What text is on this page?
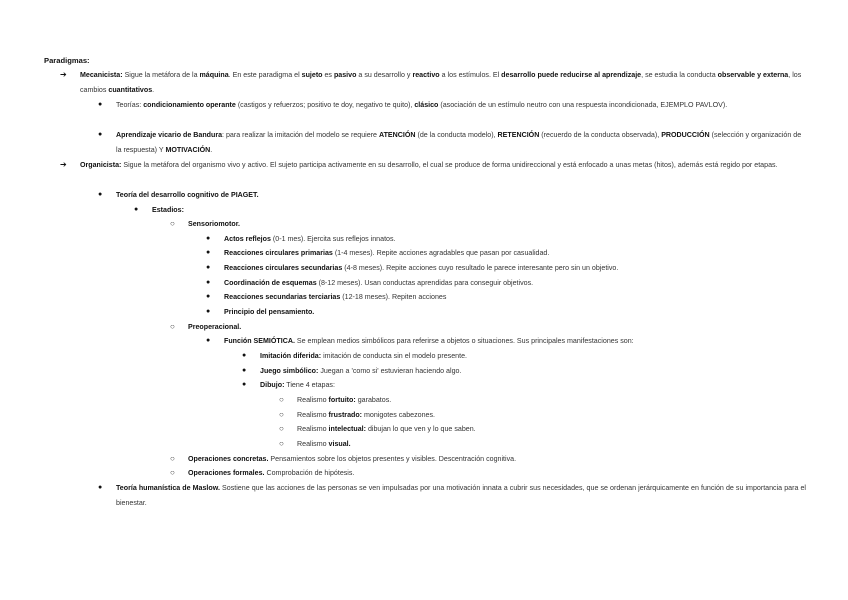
Paradigmas:
➔ Mecanicista: Sigue la metáfora de la máquina. En este paradigma el sujeto es pasivo a su desarrollo y reactivo a los estímulos. El desarrollo puede reducirse al aprendizaje, se estudia la conducta observable y externa, los cambios cuantitativos.
● Teorías: condicionamiento operante (castigos y refuerzos; positivo te doy, negativo te quito), clásico (asociación de un estímulo neutro con una respuesta incondicionada, EJEMPLO PAVLOV).
● Aprendizaje vicario de Bandura: para realizar la imitación del modelo se requiere ATENCIÓN (de la conducta modelo), RETENCIÓN (recuerdo de la conducta observada), PRODUCCIÓN (selección y organización de la respuesta) Y MOTIVACIÓN.
➔ Organicista: Sigue la metáfora del organismo vivo y activo. El sujeto participa activamente en su desarrollo, el cual se produce de forma unidireccional y está enfocado a unas metas (hitos), además está regido por etapas.
● Teoría del desarrollo cognitivo de PIAGET.
● Estadios:
○ Sensoriomotor.
● Actos reflejos (0-1 mes). Ejercita sus reflejos innatos.
● Reacciones circulares primarias (1-4 meses). Repite acciones agradables que pasan por casualidad.
● Reacciones circulares secundarias (4-8 meses). Repite acciones cuyo resultado le parece interesante pero sin un objetivo.
● Coordinación de esquemas (8-12 meses). Usan conductas aprendidas para conseguir objetivos.
● Reacciones secundarias terciarias (12-18 meses). Repiten acciones
● Principio del pensamiento.
○ Preoperacional.
● Función SEMIÓTICA. Se emplean medios simbólicos para referirse a objetos o situaciones. Sus principales manifestaciones son:
● Imitación diferida: imitación de conducta sin el modelo presente.
● Juego simbólico: Juegan a 'como si' estuvieran haciendo algo.
● Dibujo: Tiene 4 etapas:
○ Realismo fortuito: garabatos.
○ Realismo frustrado: monigotes cabezones.
○ Realismo intelectual: dibujan lo que ven y lo que saben.
○ Realismo visual.
○ Operaciones concretas. Pensamientos sobre los objetos presentes y visibles. Descentración cognitiva.
○ Operaciones formales. Comprobación de hipótesis.
● Teoría humanística de Maslow. Sostiene que las acciones de las personas se ven impulsadas por una motivación innata a cubrir sus necesidades, que se ordenan jerárquicamente en función de su importancia para el bienestar.
